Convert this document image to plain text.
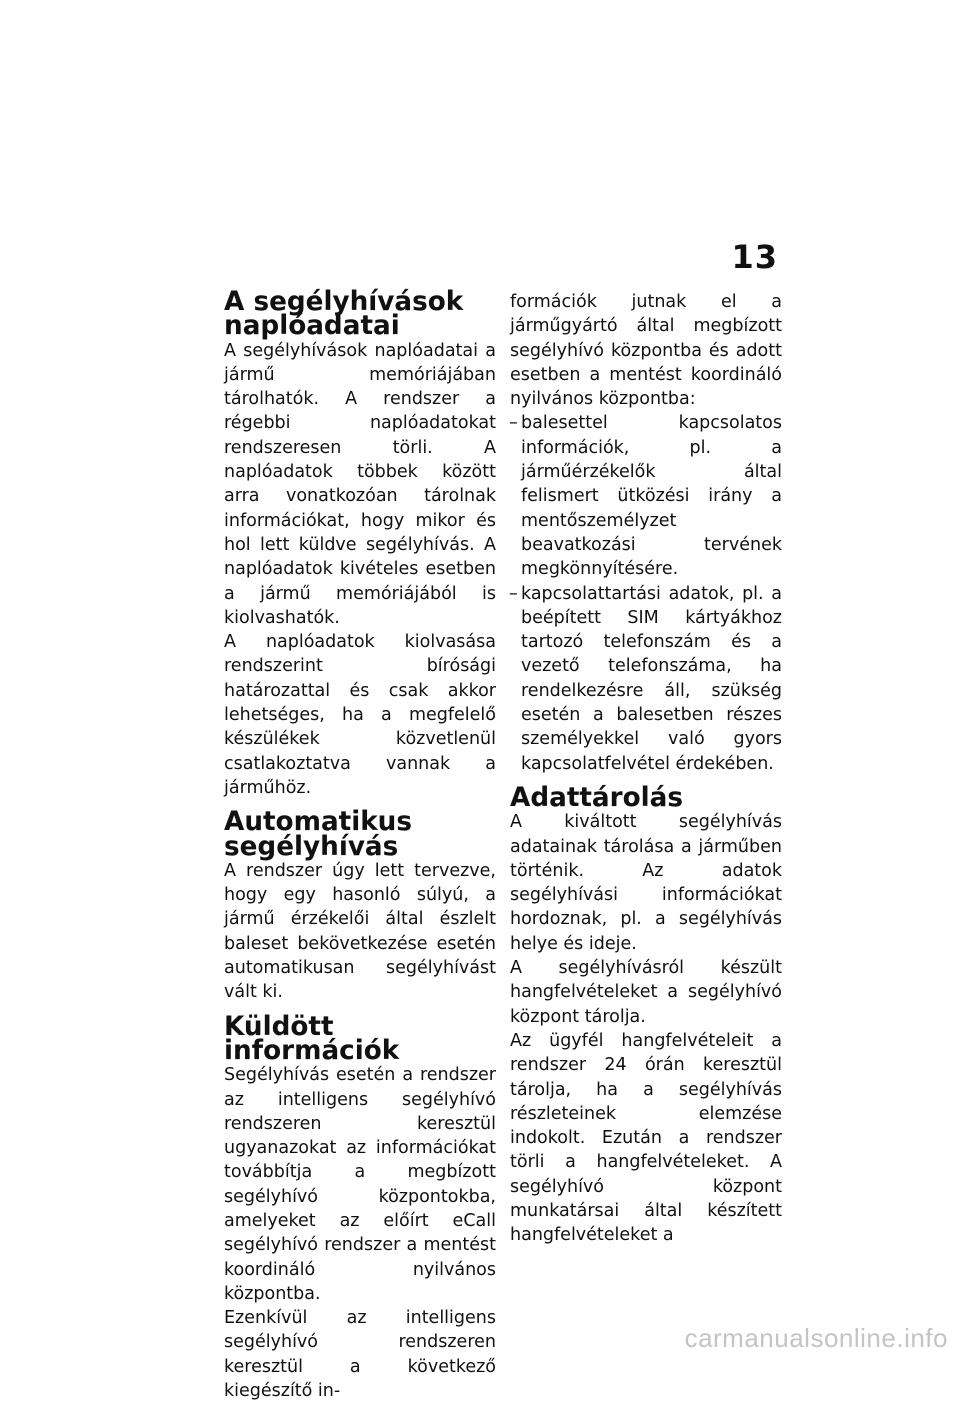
13
A segélyhívások naplóadatai

A segélyhívások naplóadatai a jármű memóriájában tárolhatók. A rendszer a régebbi naplóadatokat rendszeresen törli. A naplóadatok többek között arra vonatkozóan tárolnak információkat, hogy mikor és hol lett küldve segélyhívás. A naplóadatok kivételes esetben a jármű memóriájából is kiolvashatók.

A naplóadatok kiolvasása rendszerint bírósági határozattal és csak akkor lehetséges, ha a megfelelő készülékek közvetlenül csatlakoztatva vannak a járműhöz.

Automatikus segélyhívás

A rendszer úgy lett tervezve, hogy egy hasonló súlyú, a jármű érzékelői által észlelt baleset bekövetkezése esetén automatikusan segélyhívást vált ki.

Küldött információk

Segélyhívás esetén a rendszer az intelligens segélyhívó rendszeren keresztül ugyanazokat az információkat továbbítja a megbízott segélyhívó központokba, amelyeket az előírt eCall segélyhívó rendszer a mentést koordináló nyilvános központba.

Ezenkívül az intelligens segélyhívó rendszeren keresztül a következő kiegészítő in-

formációk jutnak el a járműgyártó által megbízott segélyhívó központba és adott esetben a mentést koordináló nyilvános központba:

– balesettel kapcsolatos információk, pl. a járműérzékelők által felismert ütközési irány a mentőszemélyzet beavatkozási tervének megkönnyítésére.
– kapcsolattartási adatok, pl. a beépített SIM kártyákhoz tartozó telefonszám és a vezető telefonszáma, ha rendelkezésre áll, szükség esetén a balesetben részes személyekkel való gyors kapcsolatfelvétel érdekében.
Adattárolás

A kiváltott segélyhívás adatainak tárolása a járműben történik. Az adatok segélyhívási információkat hordoznak, pl. a segélyhívás helye és ideje.

A segélyhívásról készült hangfelvételeket a segélyhívó központ tárolja.

Az ügyfél hangfelvételeit a rendszer 24 órán keresztül tárolja, ha a segélyhívás részleteinek elemzése indokolt. Ezután a rendszer törli a hangfelvételeket. A segélyhívó központ munkatársai által készített hangfelvételeket a

carmanualsonline.info
